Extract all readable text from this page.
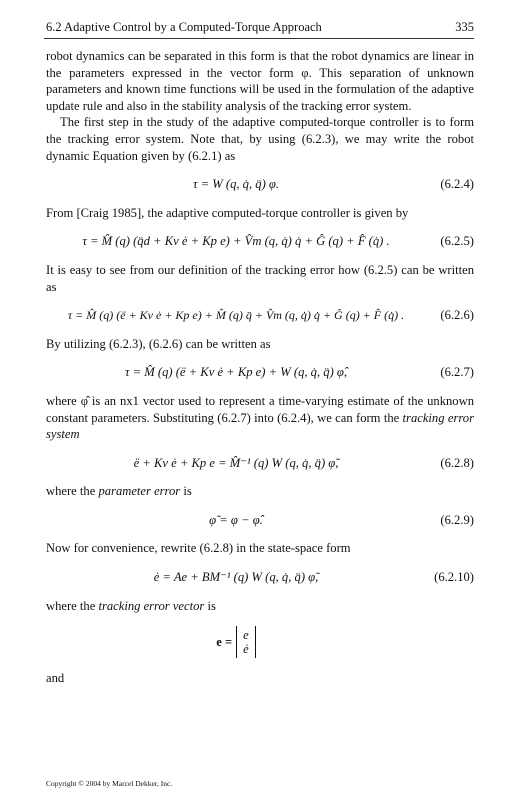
6.2 Adaptive Control by a Computed-Torque Approach	335

robot dynamics can be separated in this form is that the robot dynamics are linear in the parameters expressed in the vector form φ. This separation of unknown parameters and known time functions will be used in the formulation of the adaptive update rule and also in the stability analysis of the tracking error system.

The first step in the study of the adaptive computed-torque controller is to form the tracking error system. Note that, by using (6.2.3), we may write the robot dynamic Equation given by (6.2.1) as

τ = W (q, q̇, q̈) φ.	(6.2.4)

From [Craig 1985], the adaptive computed-torque controller is given by

τ = M̂ (q) (q̈d + Kv ė + Kp e) + V̂m (q, q̇) q̇ + Ĝ (q) + F̂ (q̇) .	(6.2.5)

It is easy to see from our definition of the tracking error how (6.2.5) can be written as

τ = M̂ (q) (ë + Kv ė + Kp e) + M̂ (q) q̈ + V̂m (q, q̇) q̇ + Ĝ (q) + F̂ (q̇) .	(6.2.6)

By utilizing (6.2.3), (6.2.6) can be written as

τ = M̂ (q) (ë + Kv ė + Kp e) + W (q, q̇, q̈) φ̂,	(6.2.7)

where φ̂ is an nx1 vector used to represent a time-varying estimate of the unknown constant parameters. Substituting (6.2.7) into (6.2.4), we can form the tracking error system

ë + Kv ė + Kp e = M̂⁻¹ (q) W (q, q̇, q̈) φ̃,	(6.2.8)

where the parameter error is

φ̃ = φ − φ̂.	(6.2.9)

Now for convenience, rewrite (6.2.8) in the state-space form

ė = Ae + BM⁻¹ (q) W (q, q̇, q̈) φ̃,	(6.2.10)

where the tracking error vector is

e = e
ė

and

Copyright © 2004 by Marcel Dekker, Inc.
